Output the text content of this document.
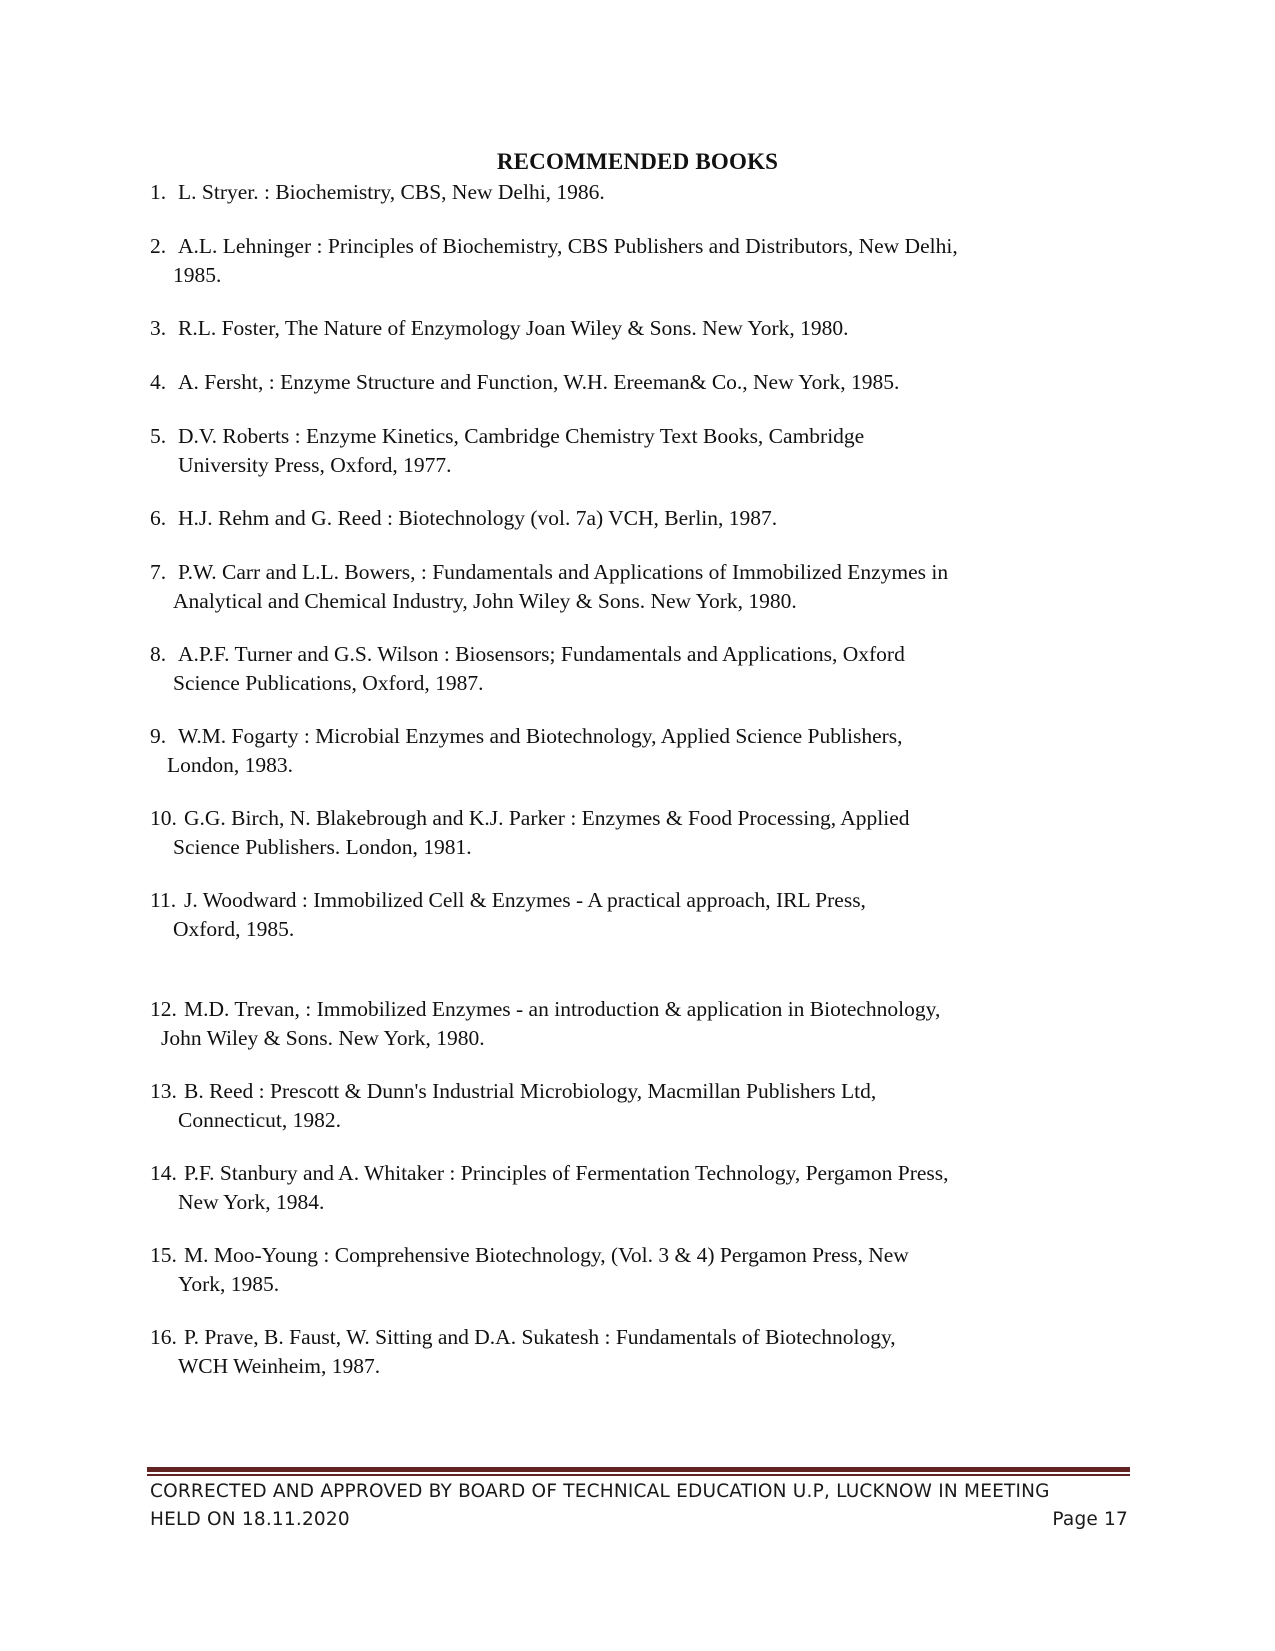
RECOMMENDED BOOKS
1. L. Stryer. : Biochemistry, CBS, New Delhi, 1986.
2. A.L. Lehninger : Principles of Biochemistry, CBS Publishers and Distributors, New Delhi,
1985.
3. R.L. Foster, The Nature of Enzymology Joan Wiley & Sons. New York, 1980.
4. A. Fersht, : Enzyme Structure and Function, W.H. Ereeman& Co., New York, 1985.
5. D.V. Roberts : Enzyme Kinetics, Cambridge Chemistry Text Books, Cambridge
University Press, Oxford, 1977.
6. H.J. Rehm and G. Reed : Biotechnology (vol. 7a) VCH, Berlin, 1987.
7. P.W. Carr and L.L. Bowers, : Fundamentals and Applications of Immobilized Enzymes in
Analytical and Chemical Industry, John Wiley & Sons. New York, 1980.
8. A.P.F. Turner and G.S. Wilson : Biosensors; Fundamentals and Applications, Oxford
Science Publications, Oxford, 1987.
9. W.M. Fogarty : Microbial Enzymes and Biotechnology, Applied Science Publishers,
London, 1983.
10. G.G. Birch, N. Blakebrough and K.J. Parker : Enzymes & Food Processing, Applied
Science Publishers. London, 1981.
11. J. Woodward : Immobilized Cell & Enzymes - A practical approach, IRL Press,
Oxford, 1985.
12. M.D. Trevan, : Immobilized Enzymes - an introduction & application in Biotechnology,
John Wiley & Sons. New York, 1980.
13. B. Reed : Prescott & Dunn's Industrial Microbiology, Macmillan Publishers Ltd,
Connecticut, 1982.
14. P.F. Stanbury and A. Whitaker : Principles of Fermentation Technology, Pergamon Press,
New York, 1984.
15. M. Moo-Young : Comprehensive Biotechnology, (Vol. 3 & 4) Pergamon Press, New
York, 1985.
16. P. Prave, B. Faust, W. Sitting and D.A. Sukatesh : Fundamentals of Biotechnology,
WCH Weinheim, 1987.
CORRECTED AND APPROVED BY BOARD OF TECHNICAL EDUCATION U.P, LUCKNOW IN MEETING
HELD ON 18.11.2020	Page 17
